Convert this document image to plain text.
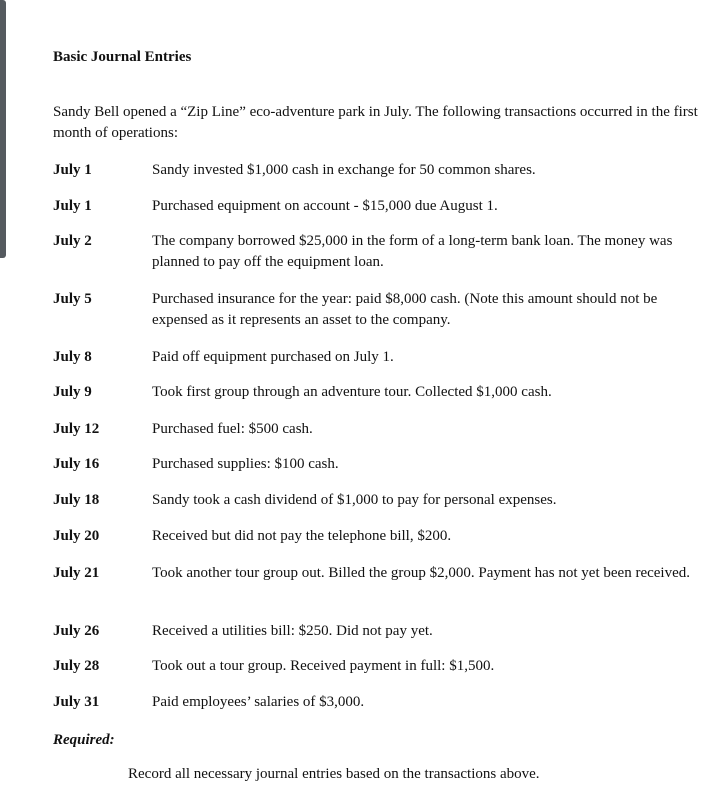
Basic Journal Entries
Sandy Bell opened a “Zip Line” eco-adventure park in July. The following transactions occurred in the first month of operations:
July 1	Sandy invested $1,000 cash in exchange for 50 common shares.
July 1	Purchased equipment on account - $15,000 due August 1.
July 2	The company borrowed $25,000 in the form of a long-term bank loan. The money was planned to pay off the equipment loan.
July 5	Purchased insurance for the year: paid $8,000 cash. (Note this amount should not be expensed as it represents an asset to the company.
July 8	Paid off equipment purchased on July 1.
July 9	Took first group through an adventure tour. Collected $1,000 cash.
July 12	Purchased fuel: $500 cash.
July 16	Purchased supplies: $100 cash.
July 18	Sandy took a cash dividend of $1,000 to pay for personal expenses.
July 20	Received but did not pay the telephone bill, $200.
July 21	Took another tour group out. Billed the group $2,000. Payment has not yet been received.
July 26	Received a utilities bill: $250. Did not pay yet.
July 28	Took out a tour group. Received payment in full: $1,500.
July 31	Paid employees’ salaries of $3,000.
Required:
Record all necessary journal entries based on the transactions above.
